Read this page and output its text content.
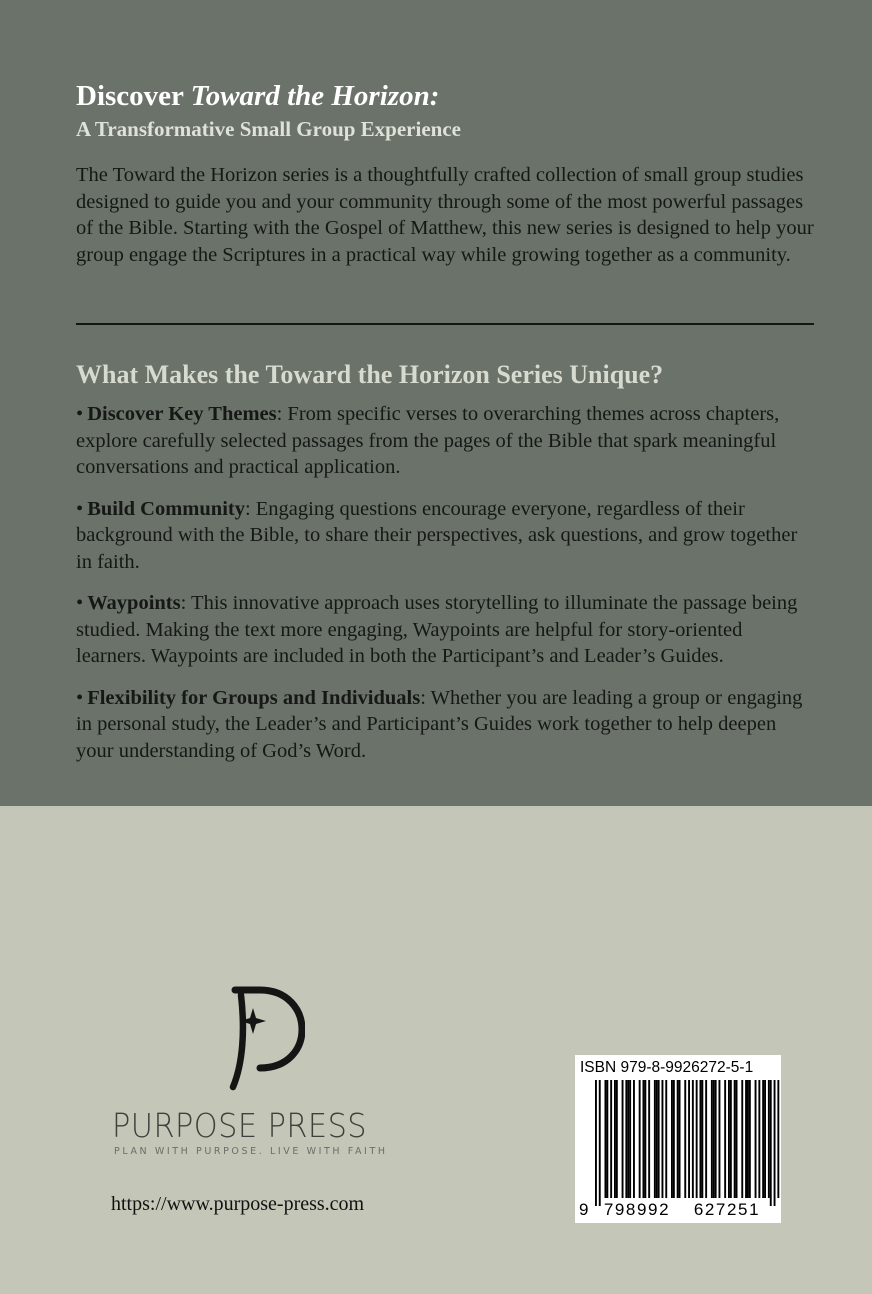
Discover Toward the Horizon:
A Transformative Small Group Experience

The Toward the Horizon series is a thoughtfully crafted collection of small group studies designed to guide you and your community through some of the most powerful passages of the Bible. Starting with the Gospel of Matthew, this new series is designed to help your group engage the Scriptures in a practical way while growing together as a community.

What Makes the Toward the Horizon Series Unique?
• Discover Key Themes: From specific verses to overarching themes across chapters, explore carefully selected passages from the pages of the Bible that spark meaningful conversations and practical application.
• Build Community: Engaging questions encourage everyone, regardless of their background with the Bible, to share their perspectives, ask questions, and grow together in faith.
• Waypoints: This innovative approach uses storytelling to illuminate the passage being studied. Making the text more engaging, Waypoints are helpful for story-oriented learners. Waypoints are included in both the Participant’s and Leader’s Guides.
• Flexibility for Groups and Individuals: Whether you are leading a group or engaging in personal study, the Leader’s and Participant’s Guides work together to help deepen your understanding of God’s Word.
PURPOSE PRESS
PLAN WITH PURPOSE. LIVE WITH FAITH
https://www.purpose-press.com
ISBN 979-8-9926272-5-1
9 798992	627251
